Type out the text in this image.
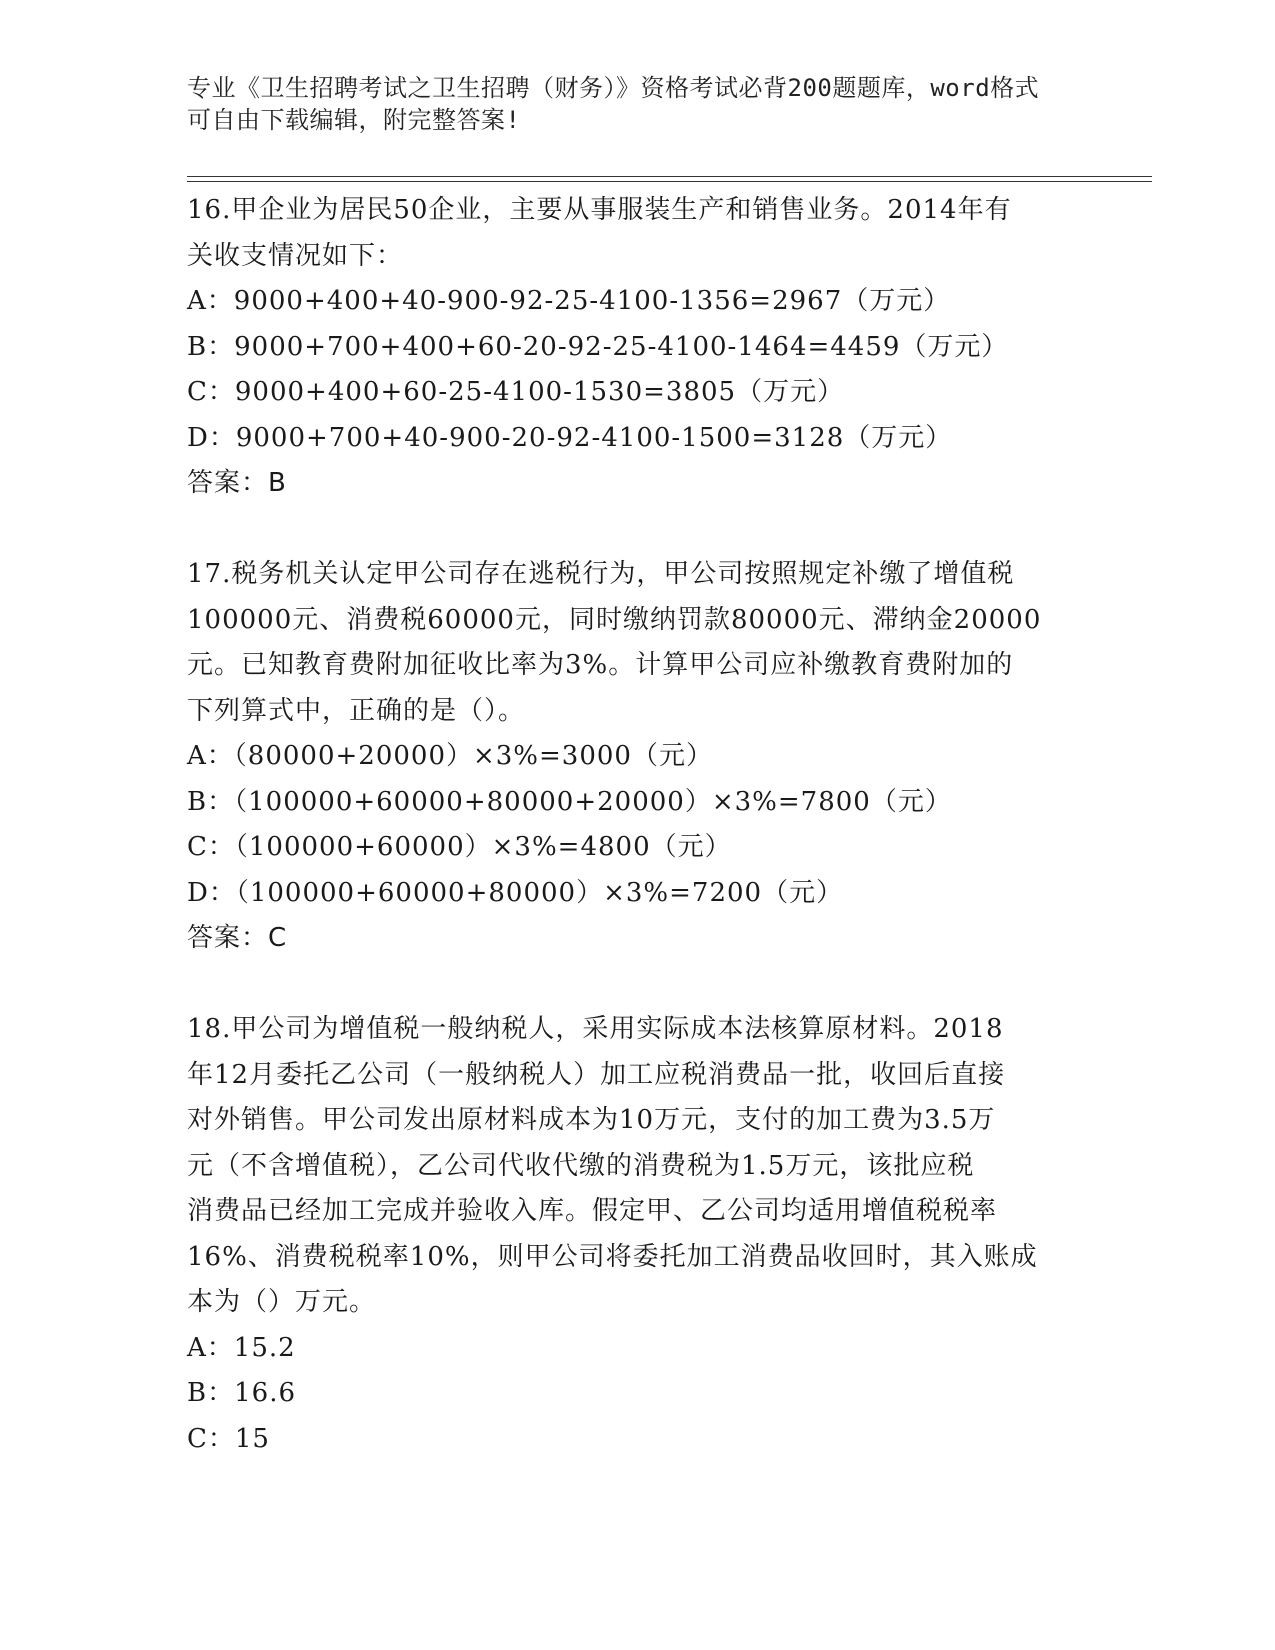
专业《卫生招聘考试之卫生招聘（财务）》资格考试必背200题题库，word格式
可自由下载编辑，附完整答案!

16.甲企业为居民50企业，主要从事服装生产和销售业务。2014年有

关收支情况如下：

A：9000+400+40-900-92-25-4100-1356=2967（万元）

B：9000+700+400+60-20-92-25-4100-1464=4459（万元）

C：9000+400+60-25-4100-1530=3805（万元）

D：9000+700+40-900-20-92-4100-1500=3128（万元）

答案：B

17.税务机关认定甲公司存在逃税行为，甲公司按照规定补缴了增值税

100000元、消费税60000元，同时缴纳罚款80000元、滞纳金20000

元。已知教育费附加征收比率为3%。计算甲公司应补缴教育费附加的

下列算式中，正确的是（）。

A：（80000+20000）×3%=3000（元）

B：（100000+60000+80000+20000）×3%=7800（元）

C：（100000+60000）×3%=4800（元）

D：（100000+60000+80000）×3%=7200（元）

答案：C

18.甲公司为增值税一般纳税人，采用实际成本法核算原材料。2018

年12月委托乙公司（一般纳税人）加工应税消费品一批，收回后直接

对外销售。甲公司发出原材料成本为10万元，支付的加工费为3.5万

元（不含增值税），乙公司代收代缴的消费税为1.5万元，该批应税

消费品已经加工完成并验收入库。假定甲、乙公司均适用增值税税率

16%、消费税税率10%，则甲公司将委托加工消费品收回时，其入账成

本为（）万元。

A：15.2

B：16.6

C：15
